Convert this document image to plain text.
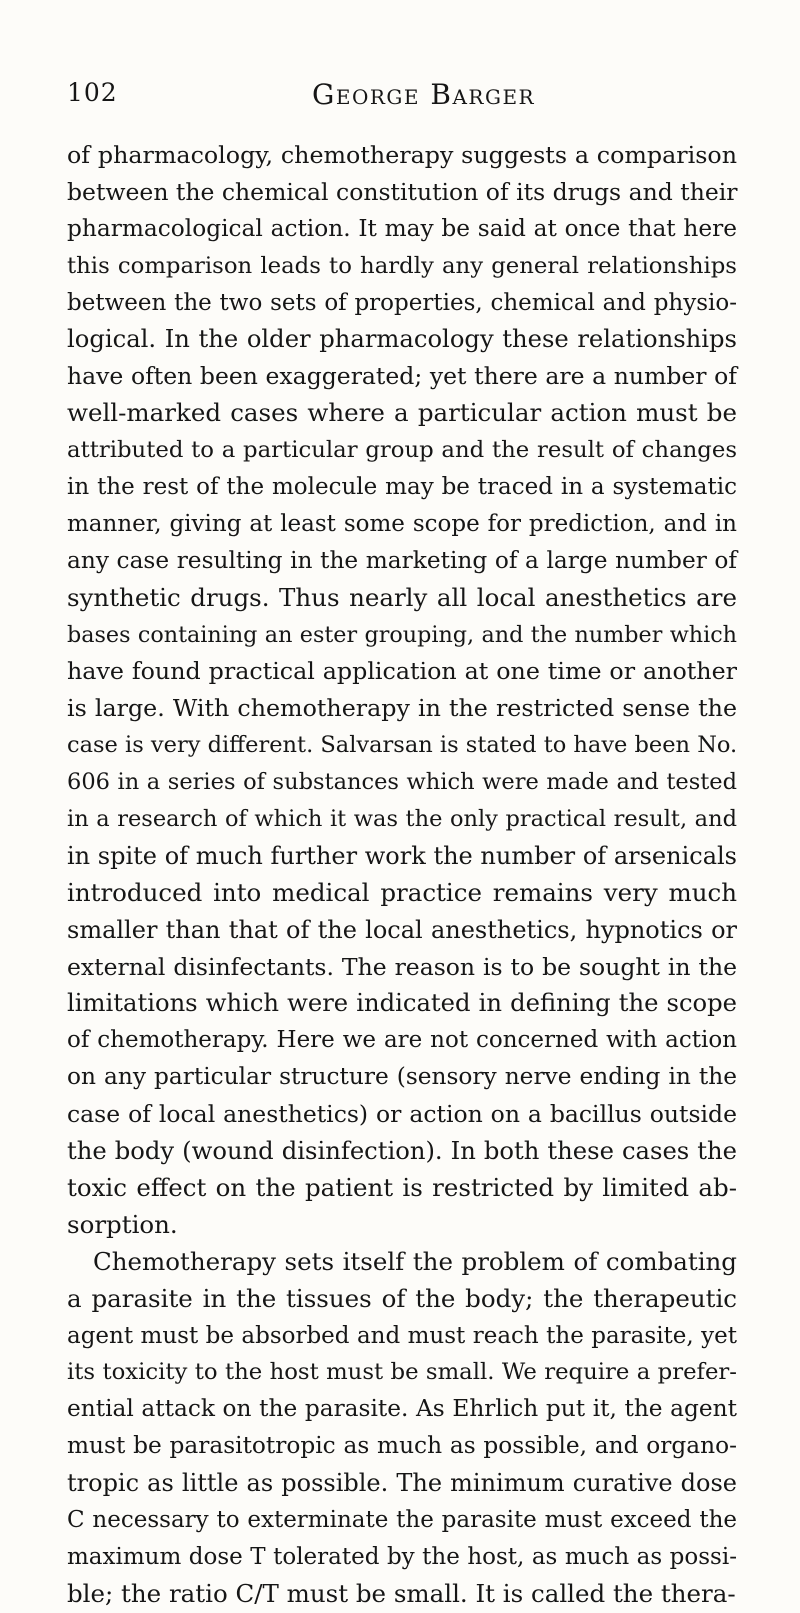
102	George Barger
of pharmacology, chemotherapy suggests a comparison
between the chemical constitution of its drugs and their
pharmacological action. It may be said at once that here
this comparison leads to hardly any general relationships
between the two sets of properties, chemical and physio-
logical. In the older pharmacology these relationships
have often been exaggerated; yet there are a number of
well-marked cases where a particular action must be
attributed to a particular group and the result of changes
in the rest of the molecule may be traced in a systematic
manner, giving at least some scope for prediction, and in
any case resulting in the marketing of a large number of
synthetic drugs. Thus nearly all local anesthetics are
bases containing an ester grouping, and the number which
have found practical application at one time or another
is large. With chemotherapy in the restricted sense the
case is very different. Salvarsan is stated to have been No.
606 in a series of substances which were made and tested
in a research of which it was the only practical result, and
in spite of much further work the number of arsenicals
introduced into medical practice remains very much
smaller than that of the local anesthetics, hypnotics or
external disinfectants. The reason is to be sought in the
limitations which were indicated in defining the scope
of chemotherapy. Here we are not concerned with action
on any particular structure (sensory nerve ending in the
case of local anesthetics) or action on a bacillus outside
the body (wound disinfection). In both these cases the
toxic effect on the patient is restricted by limited ab-
sorption.
Chemotherapy sets itself the problem of combating
a parasite in the tissues of the body; the therapeutic
agent must be absorbed and must reach the parasite, yet
its toxicity to the host must be small. We require a prefer-
ential attack on the parasite. As Ehrlich put it, the agent
must be parasitotropic as much as possible, and organo-
tropic as little as possible. The minimum curative dose
C necessary to exterminate the parasite must exceed the
maximum dose T tolerated by the host, as much as possi-
ble; the ratio C/T must be small. It is called the thera-
